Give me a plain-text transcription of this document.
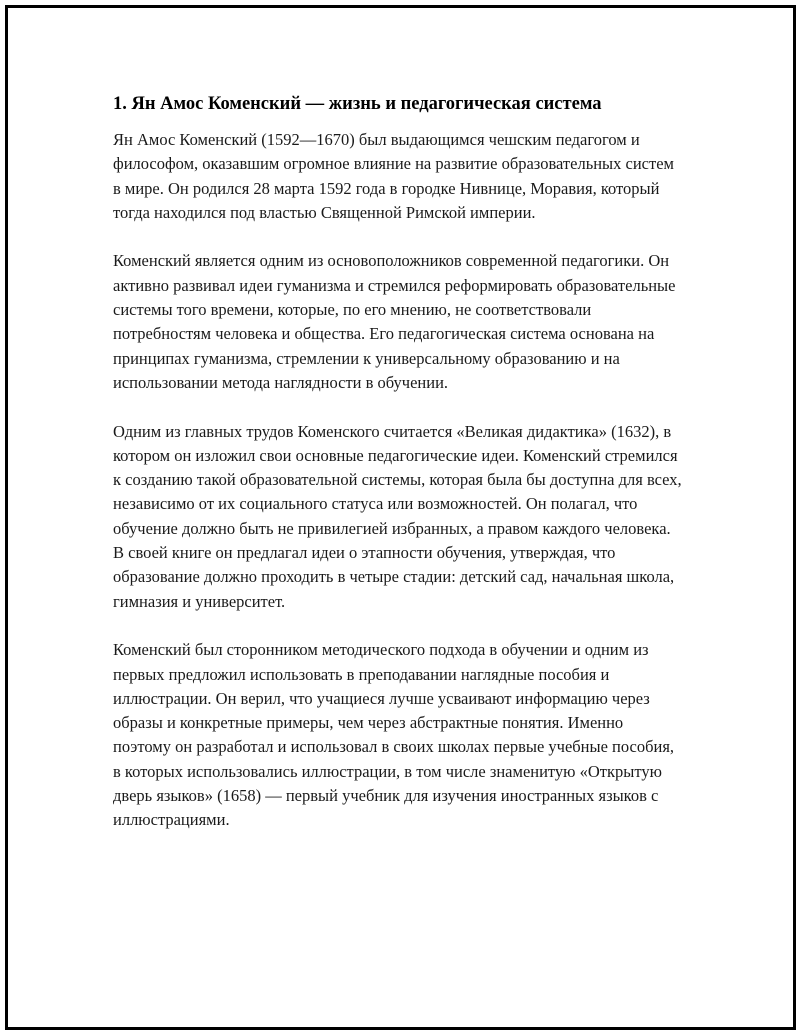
1. Ян Амос Коменский — жизнь и педагогическая система

Ян Амос Коменский (1592—1670) был выдающимся чешским педагогом и философом, оказавшим огромное влияние на развитие образовательных систем в мире. Он родился 28 марта 1592 года в городке Нивнице, Моравия, который тогда находился под властью Священной Римской империи.

Коменский является одним из основоположников современной педагогики. Он активно развивал идеи гуманизма и стремился реформировать образовательные системы того времени, которые, по его мнению, не соответствовали потребностям человека и общества. Его педагогическая система основана на принципах гуманизма, стремлении к универсальному образованию и на использовании метода наглядности в обучении.

Одним из главных трудов Коменского считается «Великая дидактика» (1632), в котором он изложил свои основные педагогические идеи. Коменский стремился к созданию такой образовательной системы, которая была бы доступна для всех, независимо от их социального статуса или возможностей. Он полагал, что обучение должно быть не привилегией избранных, а правом каждого человека. В своей книге он предлагал идеи о этапности обучения, утверждая, что образование должно проходить в четыре стадии: детский сад, начальная школа, гимназия и университет.

Коменский был сторонником методического подхода в обучении и одним из первых предложил использовать в преподавании наглядные пособия и иллюстрации. Он верил, что учащиеся лучше усваивают информацию через образы и конкретные примеры, чем через абстрактные понятия. Именно поэтому он разработал и использовал в своих школах первые учебные пособия, в которых использовались иллюстрации, в том числе знаменитую «Открытую дверь языков» (1658) — первый учебник для изучения иностранных языков с иллюстрациями.
